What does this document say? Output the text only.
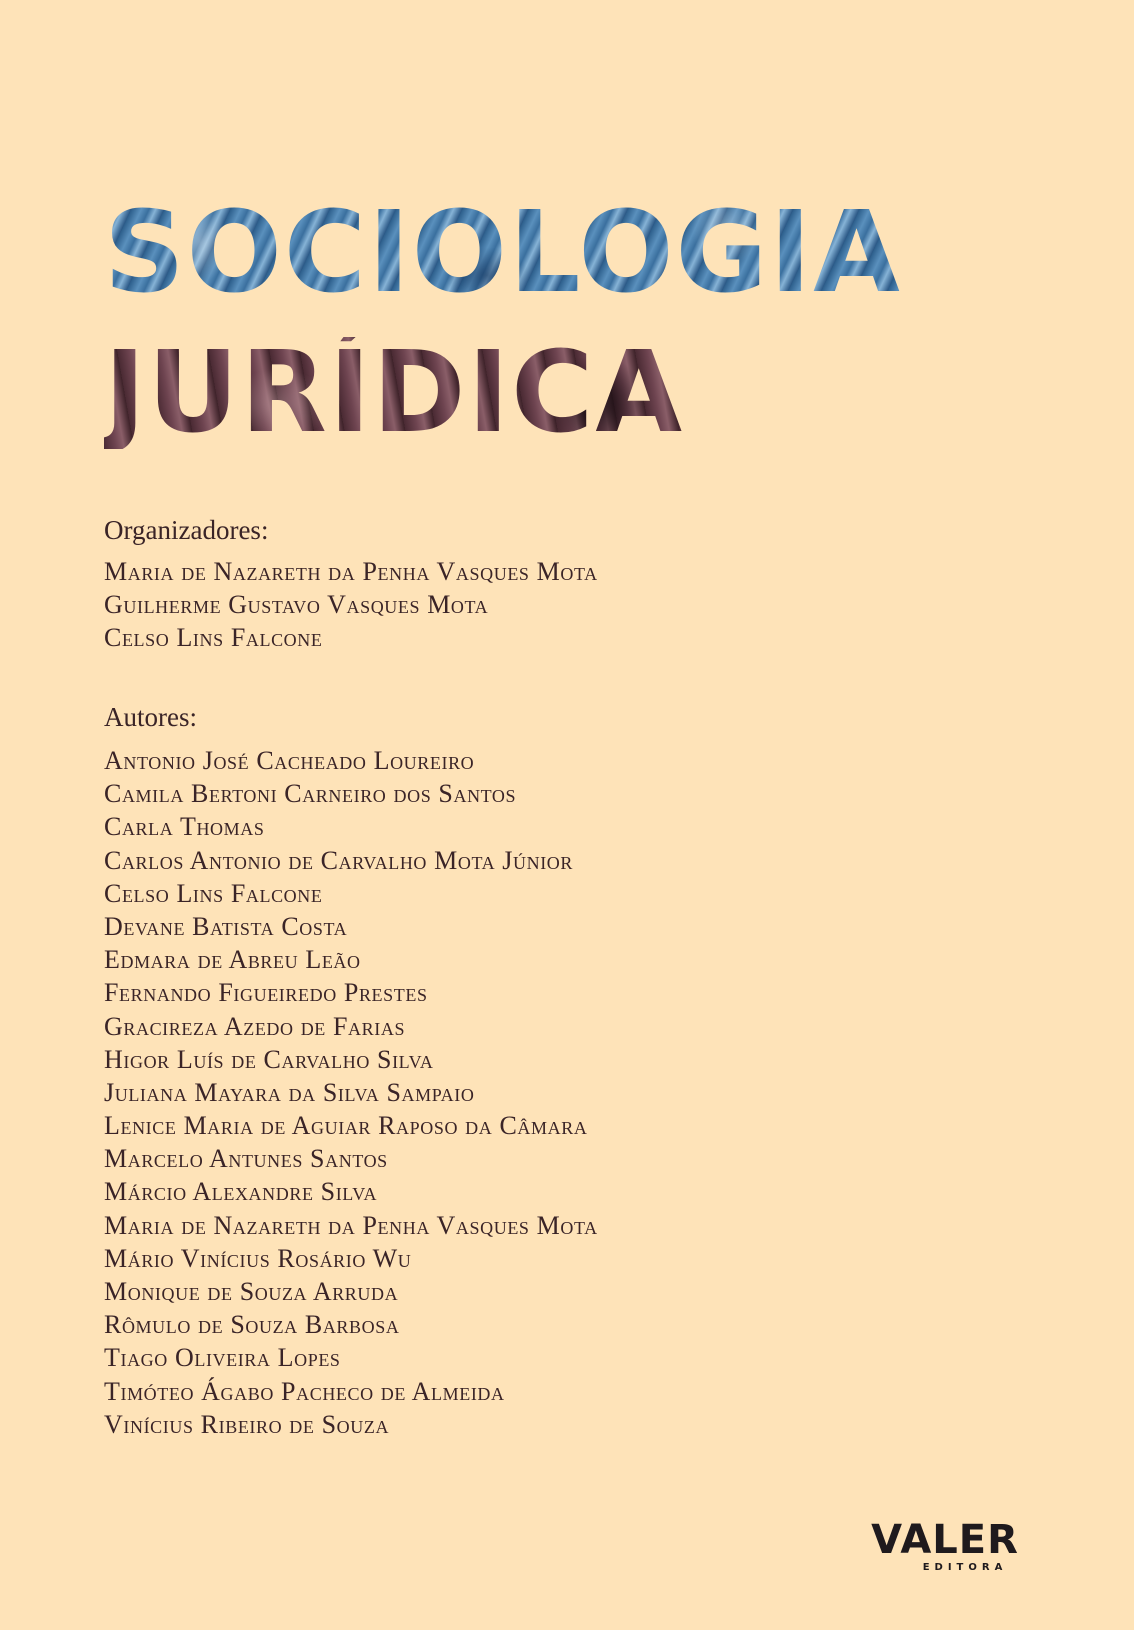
SOCIOLOGIA
JURÍDICA

Organizadores:

Maria de Nazareth da Penha Vasques Mota
Guilherme Gustavo Vasques Mota
Celso Lins Falcone

Autores:

Antonio José Cacheado Loureiro
Camila Bertoni Carneiro dos Santos
Carla Thomas
Carlos Antonio de Carvalho Mota Júnior
Celso Lins Falcone
Devane Batista Costa
Edmara de Abreu Leão
Fernando Figueiredo Prestes
Gracireza Azedo de Farias
Higor Luís de Carvalho Silva
Juliana Mayara da Silva Sampaio
Lenice Maria de Aguiar Raposo da Câmara
Marcelo Antunes Santos
Márcio Alexandre Silva
Maria de Nazareth da Penha Vasques Mota
Mário Vinícius Rosário Wu
Monique de Souza Arruda
Rômulo de Souza Barbosa
Tiago Oliveira Lopes
Timóteo Ágabo Pacheco de Almeida
Vinícius Ribeiro de Souza
VALER
EDITORA
